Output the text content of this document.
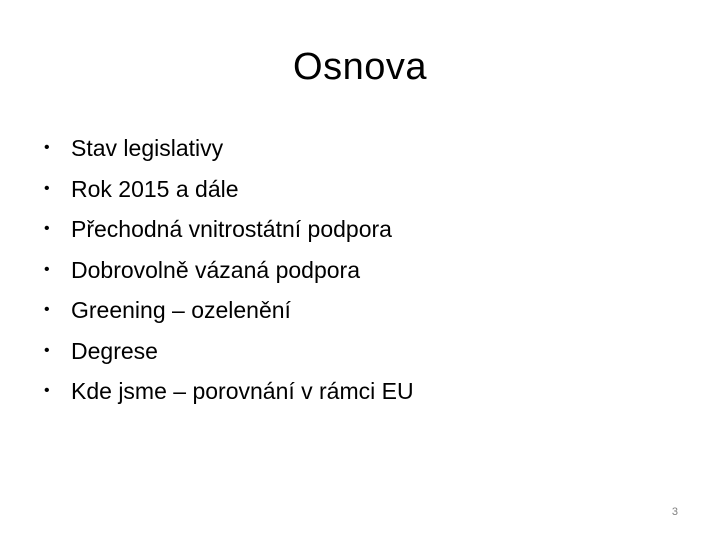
Osnova
• Stav legislativy
• Rok 2015 a dále
• Přechodná vnitrostátní podpora
• Dobrovolně vázaná podpora
• Greening – ozelenění
• Degrese
• Kde jsme – porovnání v rámci EU
3
